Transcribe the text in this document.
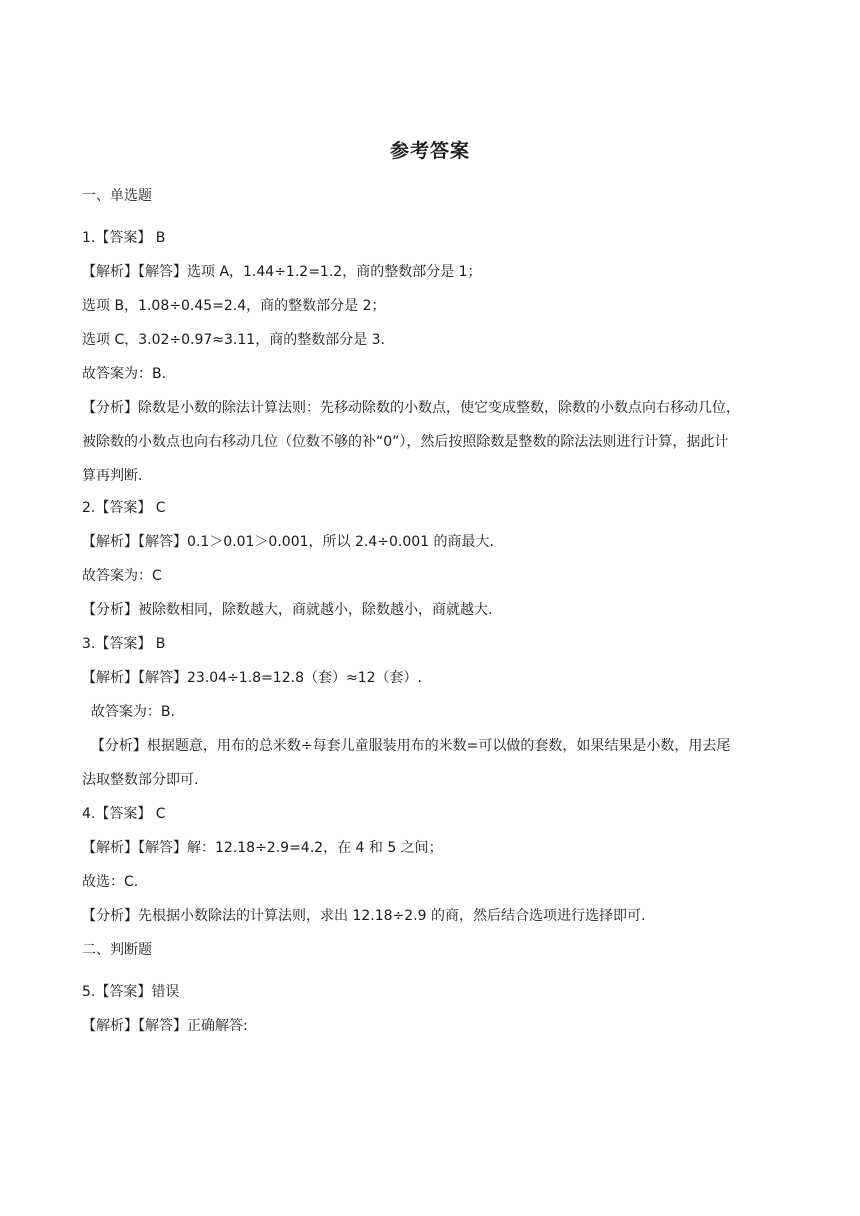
参考答案
一、单选题
1.【答案】 B
【解析】【解答】选项 A，1.44÷1.2=1.2，商的整数部分是 1；
选项 B，1.08÷0.45=2.4，商的整数部分是 2；
选项 C，3.02÷0.97≈3.11，商的整数部分是 3.
故答案为：B.
【分析】除数是小数的除法计算法则：先移动除数的小数点，使它变成整数，除数的小数点向右移动几位，
被除数的小数点也向右移动几位（位数不够的补“0”），然后按照除数是整数的除法法则进行计算，据此计
算再判断.
2.【答案】 C
【解析】【解答】0.1＞0.01＞0.001，所以 2.4÷0.001 的商最大.
故答案为：C
【分析】被除数相同，除数越大，商就越小，除数越小，商就越大.
3.【答案】 B
【解析】【解答】23.04÷1.8=12.8（套）≈12（套）.
故答案为：B.
【分析】根据题意，用布的总米数÷每套儿童服装用布的米数=可以做的套数，如果结果是小数，用去尾
法取整数部分即可.
4.【答案】 C
【解析】【解答】解：12.18÷2.9=4.2，在 4 和 5 之间；
故选：C.
【分析】先根据小数除法的计算法则，求出 12.18÷2.9 的商，然后结合选项进行选择即可.
二、判断题
5.【答案】错误
【解析】【解答】正确解答:
